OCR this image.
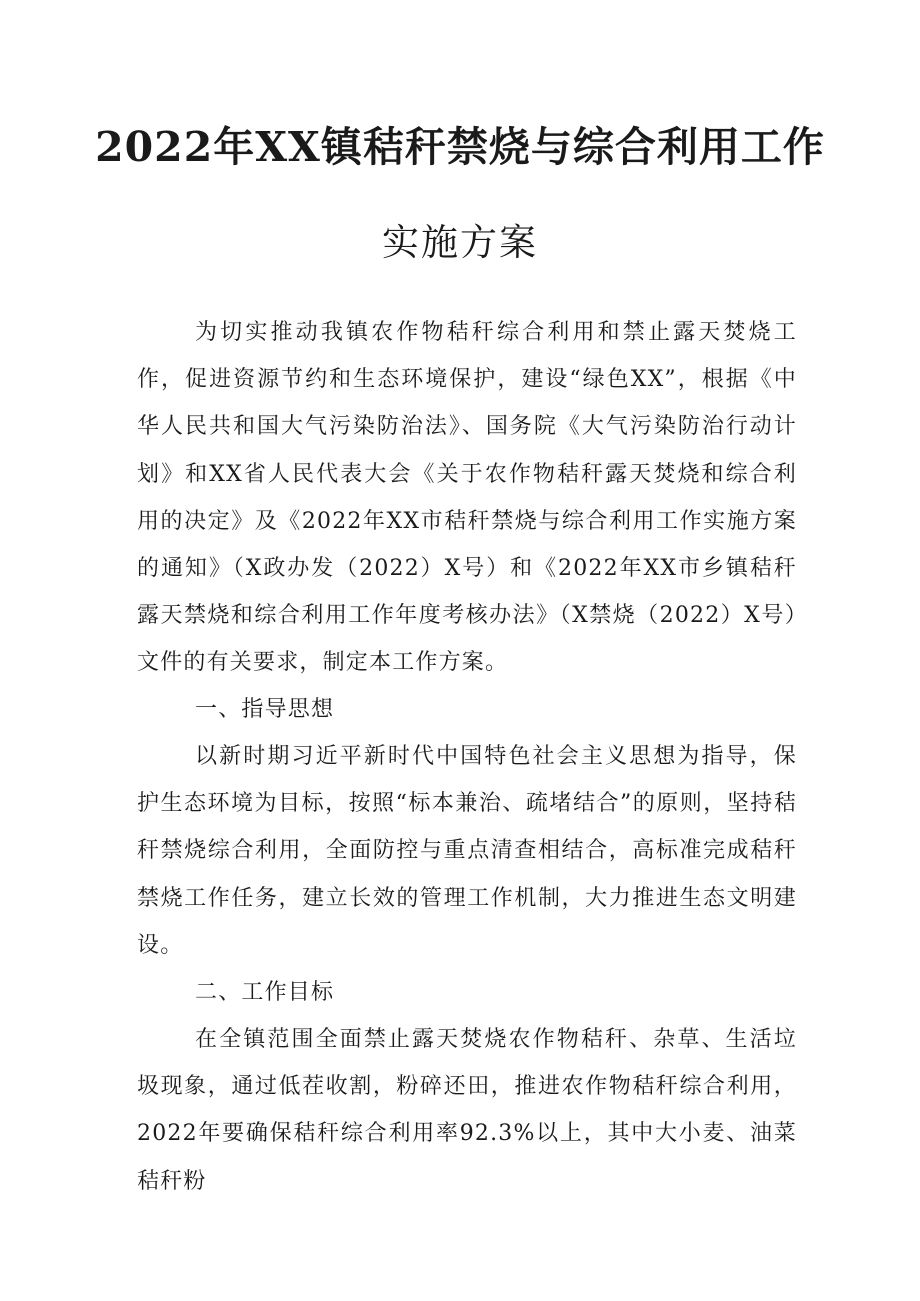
2022年XX镇秸秆禁烧与综合利用工作
实施方案

为切实推动我镇农作物秸秆综合利用和禁止露天焚烧工作，促进资源节约和生态环境保护，建设“绿色XX”，根据《中华人民共和国大气污染防治法》、国务院《大气污染防治行动计划》和XX省人民代表大会《关于农作物秸秆露天焚烧和综合利用的决定》及《2022年XX市秸秆禁烧与综合利用工作实施方案的通知》（X政办发（2022）X号）和《2022年XX市乡镇秸秆露天禁烧和综合利用工作年度考核办法》（X禁烧（2022）X号）文件的有关要求，制定本工作方案。

一、指导思想

以新时期习近平新时代中国特色社会主义思想为指导，保护生态环境为目标，按照“标本兼治、疏堵结合”的原则，坚持秸秆禁烧综合利用，全面防控与重点清查相结合，高标准完成秸秆禁烧工作任务，建立长效的管理工作机制，大力推进生态文明建设。

二、工作目标

在全镇范围全面禁止露天焚烧农作物秸秆、杂草、生活垃圾现象，通过低茬收割，粉碎还田，推进农作物秸秆综合利用，2022年要确保秸秆综合利用率92.3%以上，其中大小麦、油菜秸秆粉
